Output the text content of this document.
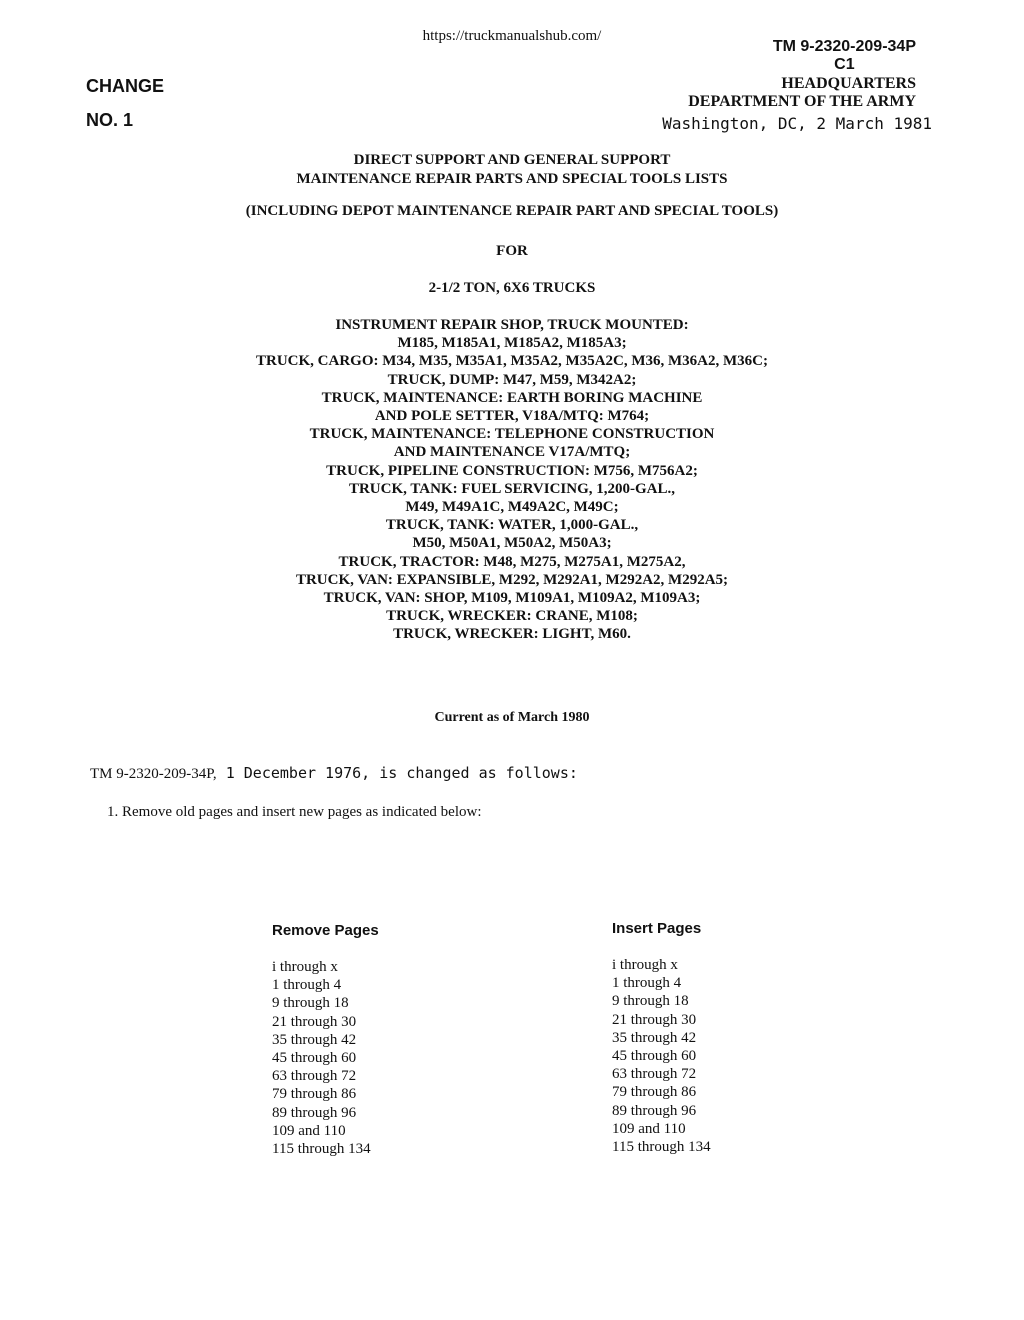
https://truckmanualshub.com/
CHANGE
NO. 1
TM 9-2320-209-34P
C1
HEADQUARTERS
DEPARTMENT OF THE ARMY
Washington, DC, 2 March 1981
DIRECT SUPPORT AND GENERAL SUPPORT
MAINTENANCE REPAIR PARTS AND SPECIAL TOOLS LISTS
(INCLUDING DEPOT MAINTENANCE REPAIR PART AND SPECIAL TOOLS)
FOR
2-1/2 TON, 6X6 TRUCKS
INSTRUMENT REPAIR SHOP, TRUCK MOUNTED:
M185, M185A1, M185A2, M185A3;
TRUCK, CARGO: M34, M35, M35A1, M35A2, M35A2C, M36, M36A2, M36C;
TRUCK, DUMP: M47, M59, M342A2;
TRUCK, MAINTENANCE: EARTH BORING MACHINE
AND POLE SETTER, V18A/MTQ: M764;
TRUCK, MAINTENANCE: TELEPHONE CONSTRUCTION
AND MAINTENANCE V17A/MTQ;
TRUCK, PIPELINE CONSTRUCTION: M756, M756A2;
TRUCK, TANK: FUEL SERVICING, 1,200-GAL.,
M49, M49A1C, M49A2C, M49C;
TRUCK, TANK: WATER, 1,000-GAL.,
M50, M50A1, M50A2, M50A3;
TRUCK, TRACTOR: M48, M275, M275A1, M275A2,
TRUCK, VAN: EXPANSIBLE, M292, M292A1, M292A2, M292A5;
TRUCK, VAN: SHOP, M109, M109A1, M109A2, M109A3;
TRUCK, WRECKER: CRANE, M108;
TRUCK, WRECKER: LIGHT, M60.
Current as of March 1980
TM 9-2320-209-34P, 1 December 1976, is changed as follows:
1. Remove old pages and insert new pages as indicated below:
Remove Pages	Insert Pages
i through x
1 through 4
9 through 18
21 through 30
35 through 42
45 through 60
63 through 72
79 through 86
89 through 96
109 and 110
115 through 134
i through x
1 through 4
9 through 18
21 through 30
35 through 42
45 through 60
63 through 72
79 through 86
89 through 96
109 and 110
115 through 134
